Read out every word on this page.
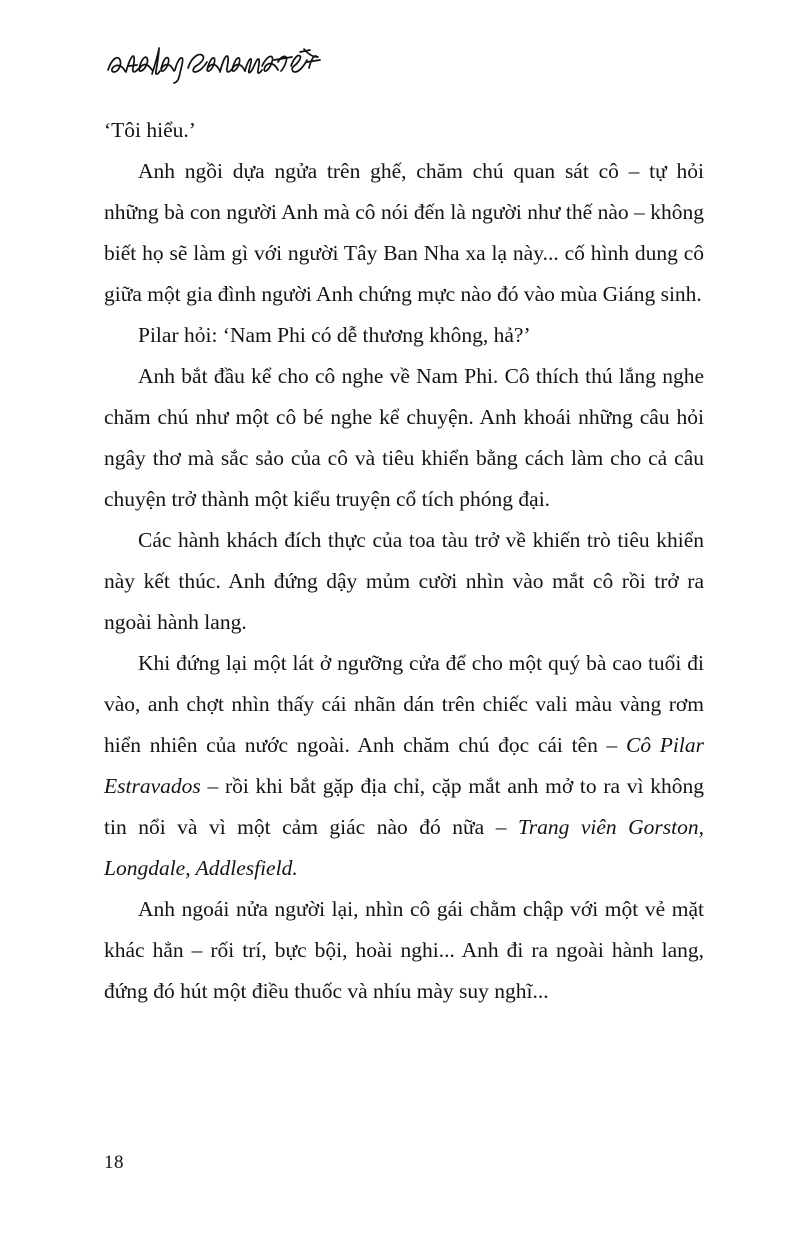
‘Tôi hiểu.’

Anh ngồi dựa ngửa trên ghế, chăm chú quan sát cô – tự hỏi những bà con người Anh mà cô nói đến là người như thế nào – không biết họ sẽ làm gì với người Tây Ban Nha xa lạ này... cố hình dung cô giữa một gia đình người Anh chứng mực nào đó vào mùa Giáng sinh.

Pilar hỏi: ‘Nam Phi có dễ thương không, hả?’

Anh bắt đầu kể cho cô nghe về Nam Phi. Cô thích thú lắng nghe chăm chú như một cô bé nghe kể chuyện. Anh khoái những câu hỏi ngây thơ mà sắc sảo của cô và tiêu khiển bằng cách làm cho cả câu chuyện trở thành một kiểu truyện cổ tích phóng đại.

Các hành khách đích thực của toa tàu trở về khiến trò tiêu khiển này kết thúc. Anh đứng dậy mủm cười nhìn vào mắt cô rồi trở ra ngoài hành lang.

Khi đứng lại một lát ở ngưỡng cửa để cho một quý bà cao tuổi đi vào, anh chợt nhìn thấy cái nhãn dán trên chiếc vali màu vàng rơm hiển nhiên của nước ngoài. Anh chăm chú đọc cái tên – Cô Pilar Estravados – rồi khi bắt gặp địa chỉ, cặp mắt anh mở to ra vì không tin nổi và vì một cảm giác nào đó nữa – Trang viên Gorston, Longdale, Addlesfield.

Anh ngoái nửa người lại, nhìn cô gái chằm chập với một vẻ mặt khác hẳn – rối trí, bực bội, hoài nghi... Anh đi ra ngoài hành lang, đứng đó hút một điều thuốc và nhíu mày suy nghĩ...

18
